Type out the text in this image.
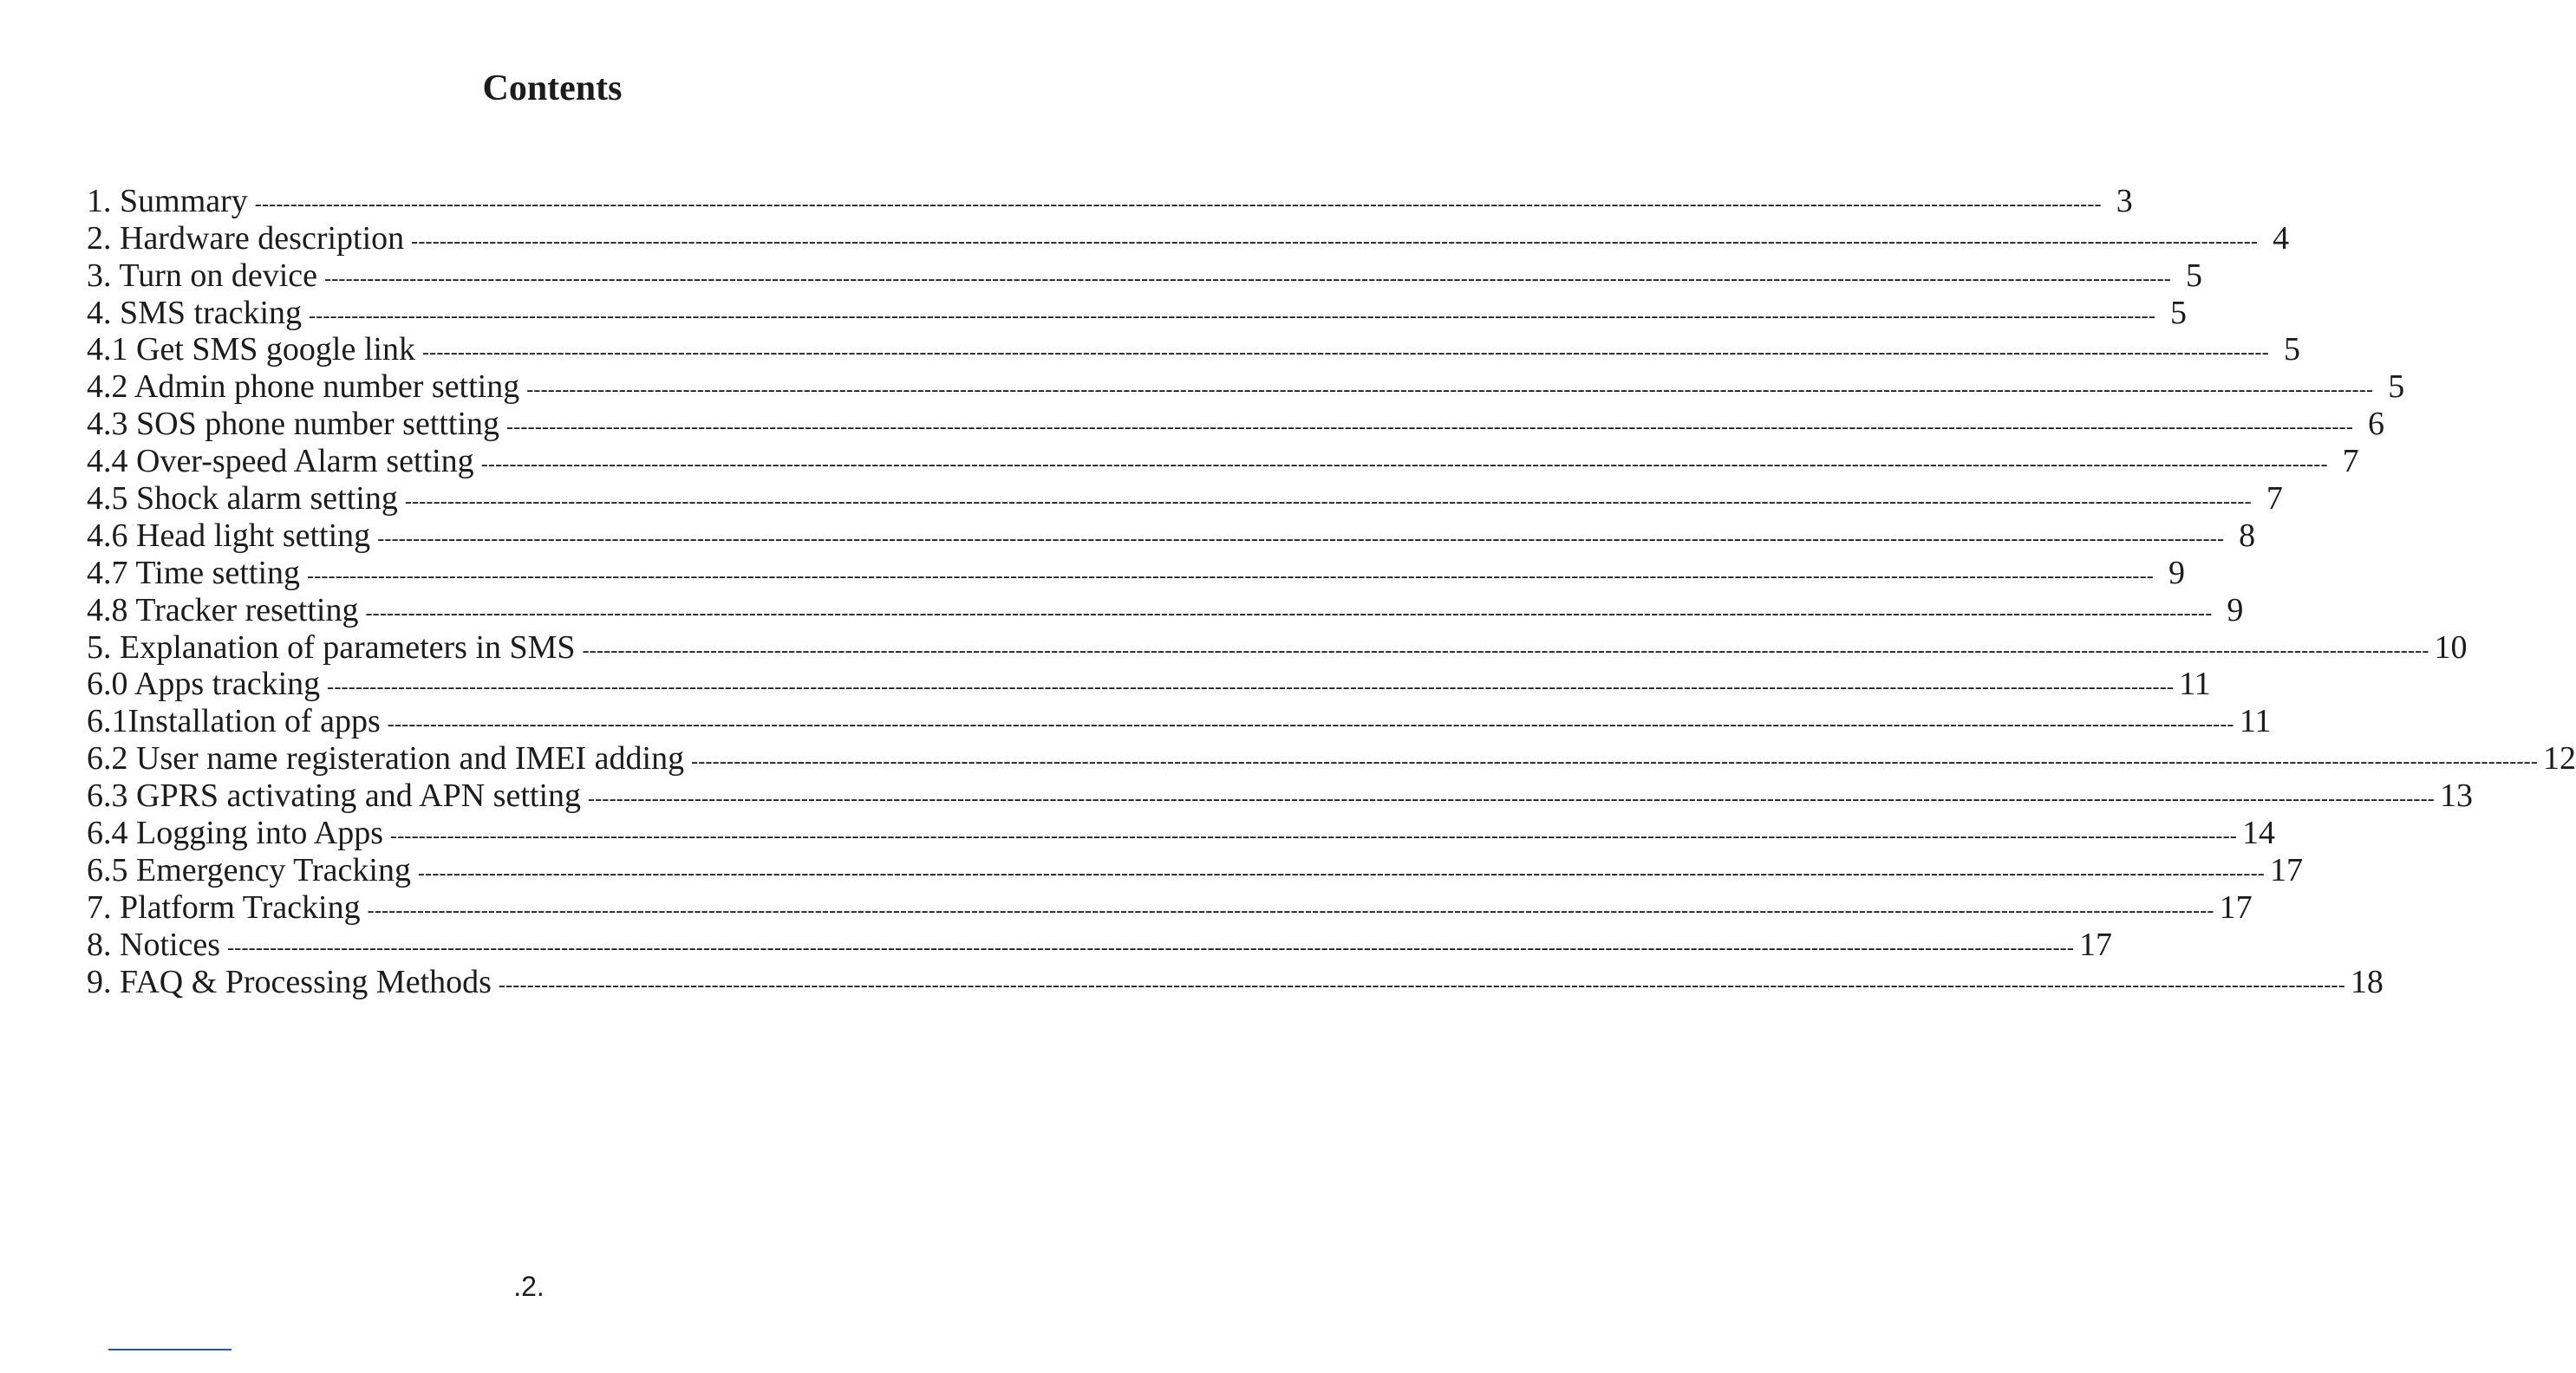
Contents
1. Summary -------------------------------------------------------------------------------------------------------------------------------------------------------------------------------------------------------------------------------------------------------------------- 3
2. Hardware description -------------------------------------------------------------------------------------------------------------------------------------------------------------------------------------------------------------------------------------------------------------------- 4
3. Turn on device -------------------------------------------------------------------------------------------------------------------------------------------------------------------------------------------------------------------------------------------------------------------- 5
4. SMS tracking -------------------------------------------------------------------------------------------------------------------------------------------------------------------------------------------------------------------------------------------------------------------- 5
4.1 Get SMS google link -------------------------------------------------------------------------------------------------------------------------------------------------------------------------------------------------------------------------------------------------------------------- 5
4.2 Admin phone number setting -------------------------------------------------------------------------------------------------------------------------------------------------------------------------------------------------------------------------------------------------------------------- 5
4.3 SOS phone number settting -------------------------------------------------------------------------------------------------------------------------------------------------------------------------------------------------------------------------------------------------------------------- 6
4.4 Over-speed Alarm setting -------------------------------------------------------------------------------------------------------------------------------------------------------------------------------------------------------------------------------------------------------------------- 7
4.5 Shock alarm setting -------------------------------------------------------------------------------------------------------------------------------------------------------------------------------------------------------------------------------------------------------------------- 7
4.6 Head light setting -------------------------------------------------------------------------------------------------------------------------------------------------------------------------------------------------------------------------------------------------------------------- 8
4.7 Time setting -------------------------------------------------------------------------------------------------------------------------------------------------------------------------------------------------------------------------------------------------------------------- 9
4.8 Tracker resetting -------------------------------------------------------------------------------------------------------------------------------------------------------------------------------------------------------------------------------------------------------------------- 9
5. Explanation of parameters in SMS -------------------------------------------------------------------------------------------------------------------------------------------------------------------------------------------------------------------------------------------------------------------- 10
6.0 Apps tracking -------------------------------------------------------------------------------------------------------------------------------------------------------------------------------------------------------------------------------------------------------------------- 11
6.1Installation of apps -------------------------------------------------------------------------------------------------------------------------------------------------------------------------------------------------------------------------------------------------------------------- 11
6.2 User name registeration and IMEI adding -------------------------------------------------------------------------------------------------------------------------------------------------------------------------------------------------------------------------------------------------------------------- 12
6.3 GPRS activating and APN setting -------------------------------------------------------------------------------------------------------------------------------------------------------------------------------------------------------------------------------------------------------------------- 13
6.4 Logging into Apps -------------------------------------------------------------------------------------------------------------------------------------------------------------------------------------------------------------------------------------------------------------------- 14
6.5 Emergency Tracking -------------------------------------------------------------------------------------------------------------------------------------------------------------------------------------------------------------------------------------------------------------------- 17
7. Platform Tracking -------------------------------------------------------------------------------------------------------------------------------------------------------------------------------------------------------------------------------------------------------------------- 17
8. Notices -------------------------------------------------------------------------------------------------------------------------------------------------------------------------------------------------------------------------------------------------------------------- 17
9. FAQ & Processing Methods -------------------------------------------------------------------------------------------------------------------------------------------------------------------------------------------------------------------------------------------------------------------- 18
.2.
